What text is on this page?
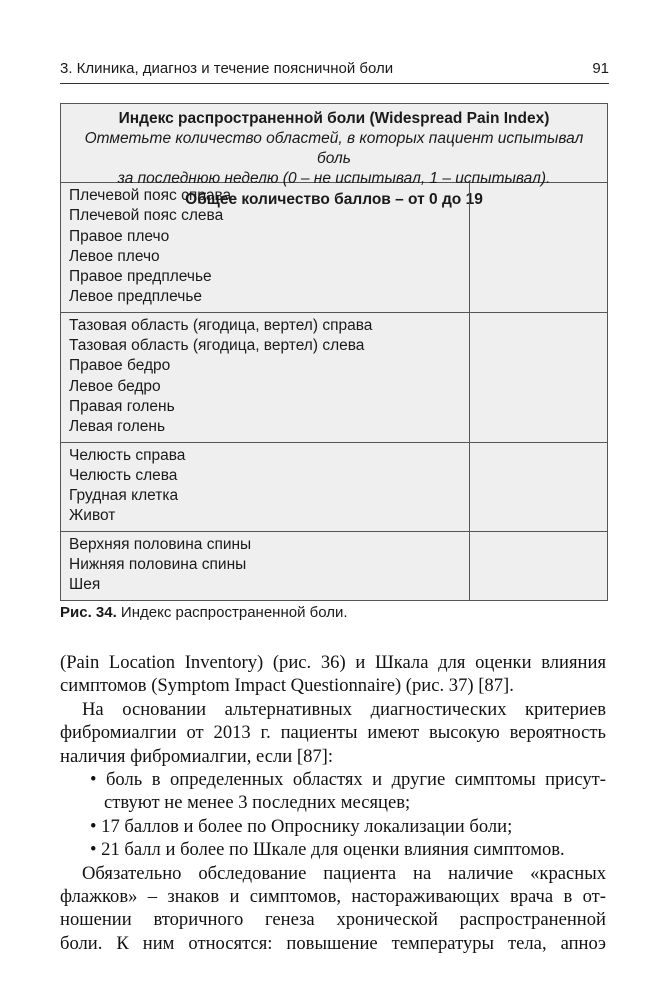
3. Клиника, диагноз и течение поясничной боли	91
Индекс распространенной боли (Widespread Pain Index)
Отметьте количество областей, в которых пациент испытывал боль
за последнюю неделю (0 – не испытывал, 1 – испытывал).
Общее количество баллов – от 0 до 19
Плечевой пояс справа
Плечевой пояс слева
Правое плечо
Левое плечо
Правое предплечье
Левое предплечье
Тазовая область (ягодица, вертел) справа
Тазовая область (ягодица, вертел) слева
Правое бедро
Левое бедро
Правая голень
Левая голень
Челюсть справа
Челюсть слева
Грудная клетка
Живот
Верхняя половина спины
Нижняя половина спины
Шея
Рис. 34. Индекс распространенной боли.
(Pain Location Inventory) (рис. 36) и Шкала для оценки влияния
симптомов (Symptom Impact Questionnaire) (рис. 37) [87].
На основании альтернативных диагностических критериев
фибромиалгии от 2013 г. пациенты имеют высокую вероятность
наличия фибромиалгии, если [87]:
• боль в определенных областях и другие симптомы присут-
ствуют не менее 3 последних месяцев;
• 17 баллов и более по Опроснику локализации боли;
• 21 балл и более по Шкале для оценки влияния симптомов.
Обязательно обследование пациента на наличие «красных
флажков» – знаков и симптомов, настораживающих врача в от-
ношении вторичного генеза хронической распространенной
боли. К ним относятся: повышение температуры тела, апноэ
